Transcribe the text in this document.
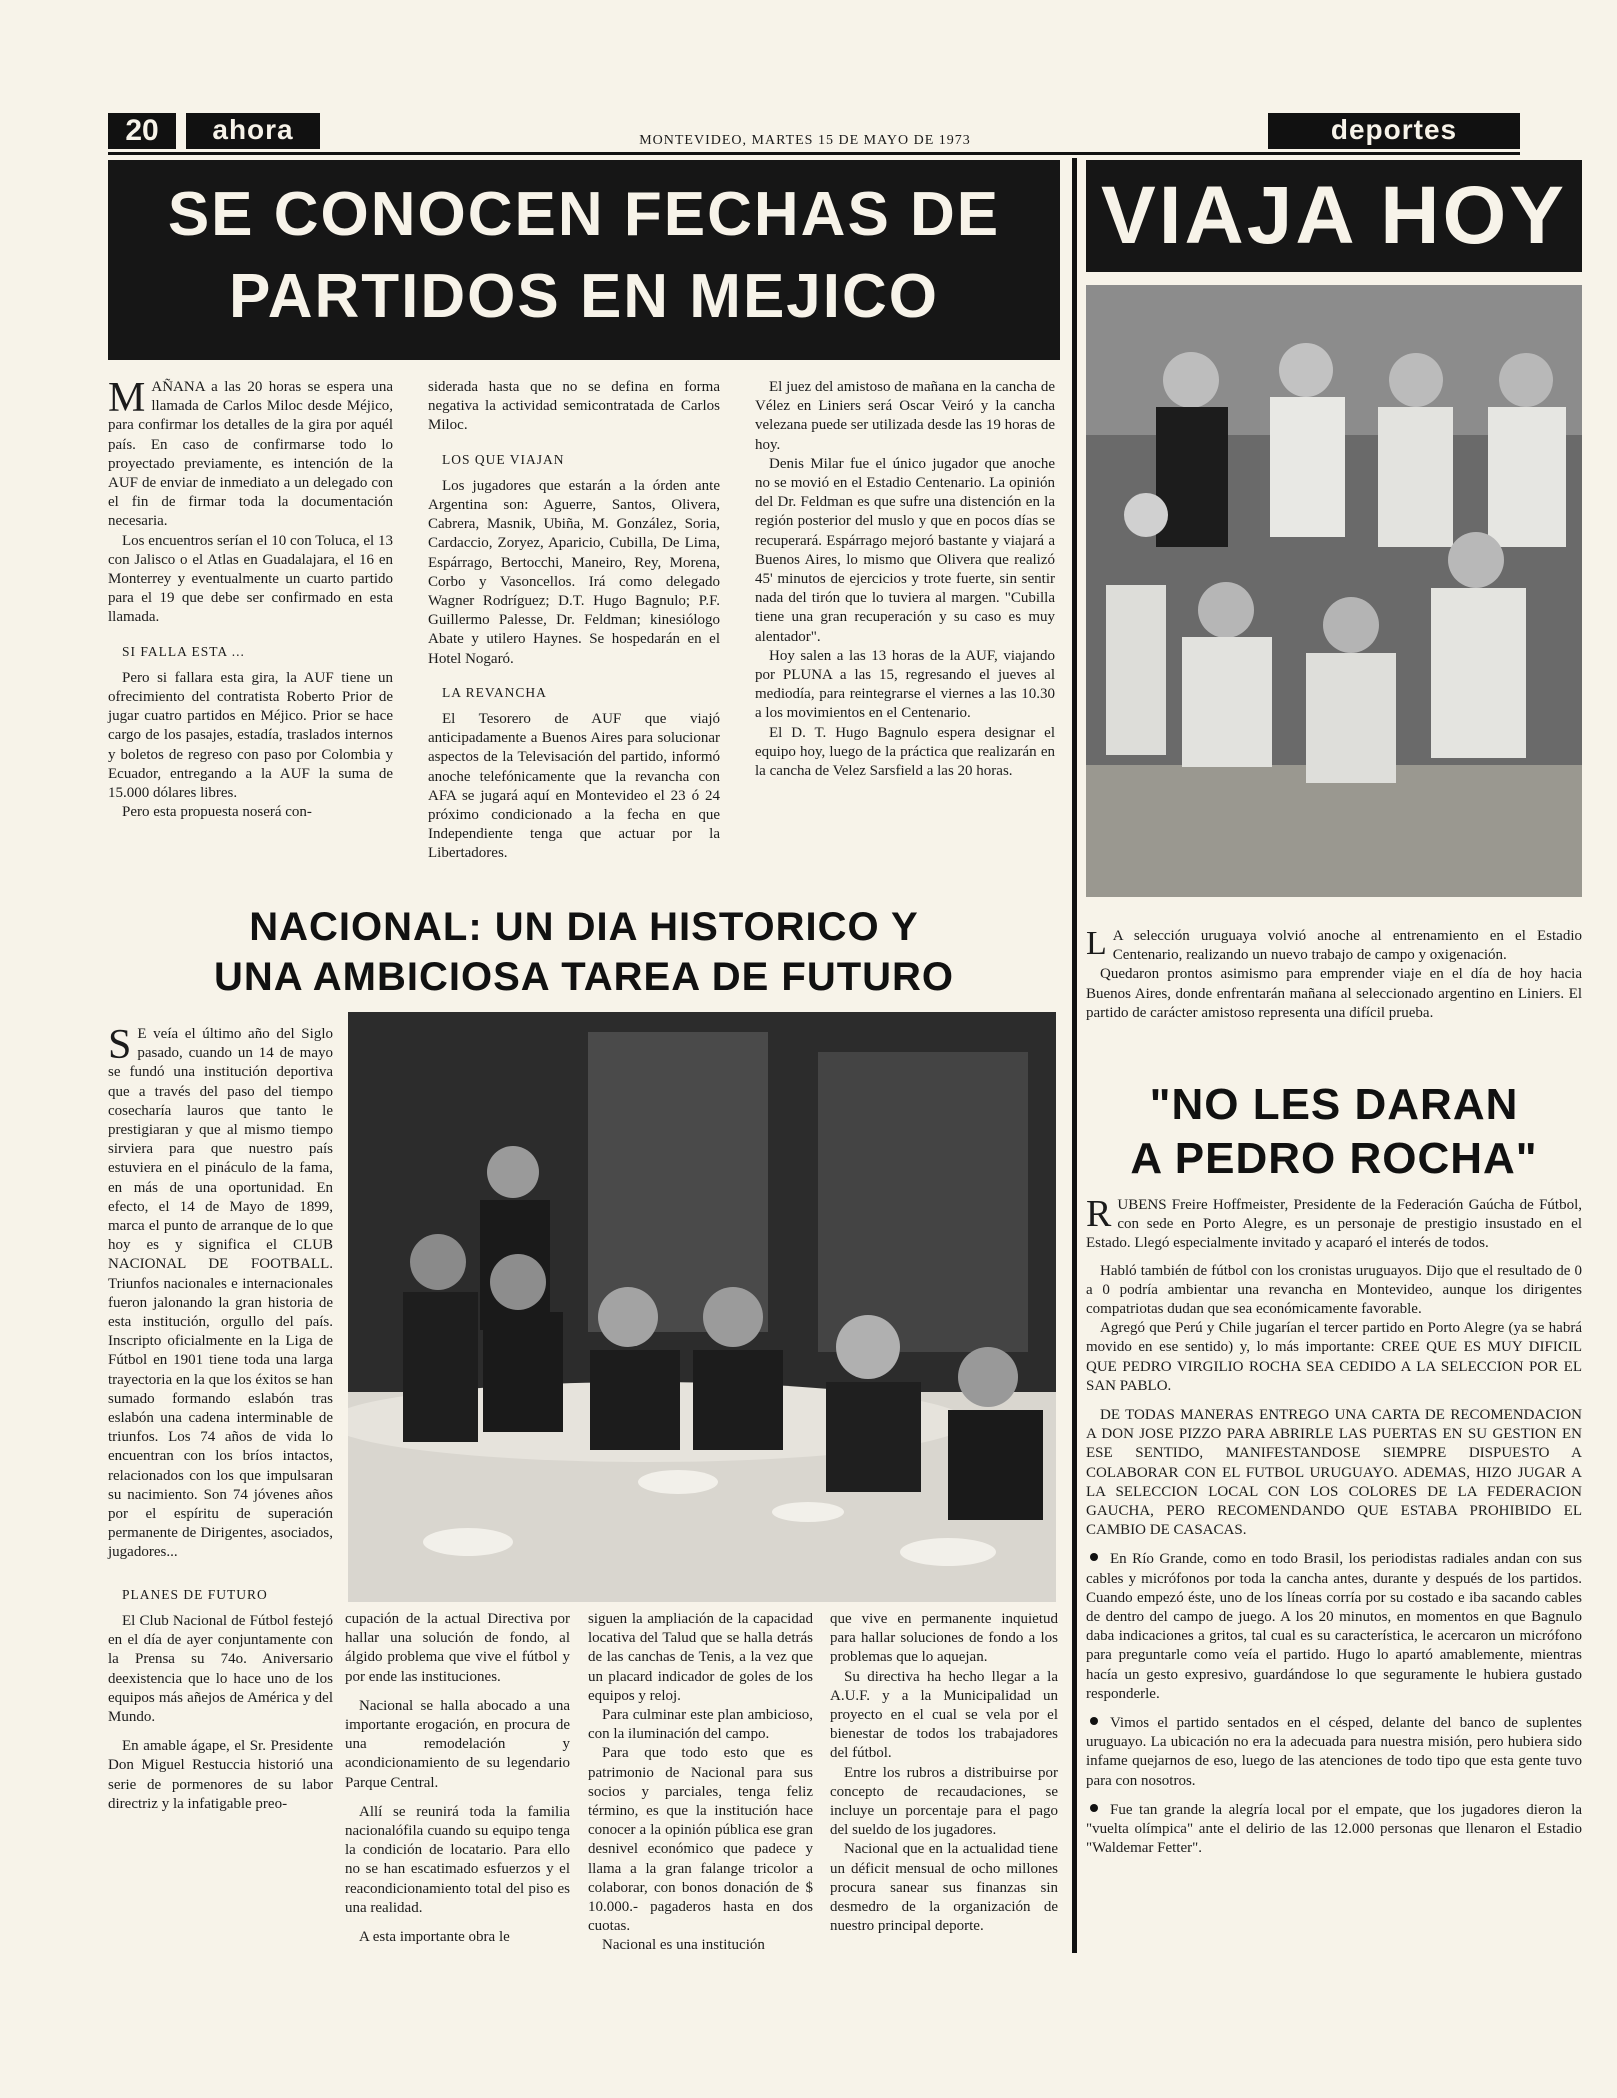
20	ahora	MONTEVIDEO, MARTES 15 DE MAYO DE 1973	deportes
SE CONOCEN FECHAS DE
PARTIDOS EN MEJICO

MAÑANA a las 20 horas se espera una llamada de Carlos Miloc desde Méjico, para confirmar los detalles de la gira por aquél país. En caso de confirmarse todo lo proyectado previamente, es intención de la AUF de enviar de inmediato a un delegado con el fin de firmar toda la documentación necesaria.

Los encuentros serían el 10 con Toluca, el 13 con Jalisco o el Atlas en Guadalajara, el 16 en Monterrey y eventualmente un cuarto partido para el 19 que debe ser confirmado en esta llamada.

SI FALLA ESTA ...

Pero si fallara esta gira, la AUF tiene un ofrecimiento del contratista Roberto Prior de jugar cuatro partidos en Méjico. Prior se hace cargo de los pasajes, estadía, traslados internos y boletos de regreso con paso por Colombia y Ecuador, entregando a la AUF la suma de 15.000 dólares libres.

Pero esta propuesta noserá con-

siderada hasta que no se defina en forma negativa la actividad semicontratada de Carlos Miloc.

LOS QUE VIAJAN

Los jugadores que estarán a la órden ante Argentina son: Aguerre, Santos, Olivera, Cabrera, Masnik, Ubiña, M. González, Soria, Cardaccio, Zoryez, Aparicio, Cubilla, De Lima, Espárrago, Bertocchi, Maneiro, Rey, Morena, Corbo y Vasoncellos. Irá como delegado Wagner Rodríguez; D.T. Hugo Bagnulo; P.F. Guillermo Palesse, Dr. Feldman; kinesiólogo Abate y utilero Haynes. Se hospedarán en el Hotel Nogaró.

LA REVANCHA

El Tesorero de AUF que viajó anticipadamente a Buenos Aires para solucionar aspectos de la Televisación del partido, informó anoche telefónicamente que la revancha con AFA se jugará aquí en Montevideo el 23 ó 24 próximo condicionado a la fecha en que Independiente tenga que actuar por la Libertadores.

El juez del amistoso de mañana en la cancha de Vélez en Liniers será Oscar Veiró y la cancha velezana puede ser utilizada desde las 19 horas de hoy.

Denis Milar fue el único jugador que anoche no se movió en el Estadio Centenario. La opinión del Dr. Feldman es que sufre una distención en la región posterior del muslo y que en pocos días se recuperará. Espárrago mejoró bastante y viajará a Buenos Aires, lo mismo que Olivera que realizó 45' minutos de ejercicios y trote fuerte, sin sentir nada del tirón que lo tuviera al margen. "Cubilla tiene una gran recuperación y su caso es muy alentador".

Hoy salen a las 13 horas de la AUF, viajando por PLUNA a las 15, regresando el jueves al mediodía, para reintegrarse el viernes a las 10.30 a los movimientos en el Centenario.

El D. T. Hugo Bagnulo espera designar el equipo hoy, luego de la práctica que realizarán en la cancha de Velez Sarsfield a las 20 horas.

NACIONAL: UN DIA HISTORICO Y
UNA AMBICIOSA TAREA DE FUTURO

S E veía el último año del Siglo pasado, cuando un 14 de mayo se fundó una institución deportiva que a través del paso del tiempo cosecharía lauros que tanto le prestigiaran y que al mismo tiempo sirviera para que nuestro país estuviera en el pináculo de la fama, en más de una oportunidad. En efecto, el 14 de Mayo de 1899, marca el punto de arranque de lo que hoy es y significa el CLUB NACIONAL DE FOOTBALL. Triunfos nacionales e internacionales fueron jalonando la gran historia de esta institución, orgullo del país. Inscripto oficialmente en la Liga de Fútbol en 1901 tiene toda una larga trayectoria en la que los éxitos se han sumado formando eslabón tras eslabón una cadena interminable de triunfos. Los 74 años de vida lo encuentran con los bríos intactos, relacionados con los que impulsaran su nacimiento. Son 74 jóvenes años por el espíritu de superación permanente de Dirigentes, asociados, jugadores...

PLANES DE FUTURO

El Club Nacional de Fútbol festejó en el día de ayer conjuntamente con la Prensa su 74o. Aniversario deexistencia que lo hace uno de los equipos más añejos de América y del Mundo.

En amable ágape, el Sr. Presidente Don Miguel Restuccia historió una serie de pormenores de su labor directriz y la infatigable preo-

cupación de la actual Directiva por hallar una solución de fondo, al álgido problema que vive el fútbol y por ende las instituciones.

Nacional se halla abocado a una importante erogación, en procura de una remodelación y acondicionamiento de su legendario Parque Central.

Allí se reunirá toda la familia nacionalófila cuando su equipo tenga la condición de locatario. Para ello no se han escatimado esfuerzos y el reacondicionamiento total del piso es una realidad.

A esta importante obra le

siguen la ampliación de la capacidad locativa del Talud que se halla detrás de las canchas de Tenis, a la vez que un placard indicador de goles de los equipos y reloj.

Para culminar este plan ambicioso, con la iluminación del campo.

Para que todo esto que es patrimonio de Nacional para sus socios y parciales, tenga feliz término, es que la institución hace conocer a la opinión pública ese gran desnivel económico que padece y llama a la gran falange tricolor a colaborar, con bonos donación de $ 10.000.- pagaderos hasta en dos cuotas.

Nacional es una institución

que vive en permanente inquietud para hallar soluciones de fondo a los problemas que lo aquejan.

Su directiva ha hecho llegar a la A.U.F. y a la Municipalidad un proyecto en el cual se vela por el bienestar de todos los trabajadores del fútbol.

Entre los rubros a distribuirse por concepto de recaudaciones, se incluye un porcentaje para el pago del sueldo de los jugadores.

Nacional que en la actualidad tiene un déficit mensual de ocho millones procura sanear sus finanzas sin desmedro de la organización de nuestro principal deporte.

VIAJA HOY

L A selección uruguaya volvió anoche al entrenamiento en el Estadio Centenario, realizando un nuevo trabajo de campo y oxigenación.

Quedaron prontos asimismo para emprender viaje en el día de hoy hacia Buenos Aires, donde enfrentarán mañana al seleccionado argentino en Liniers. El partido de carácter amistoso representa una difícil prueba.

"NO LES DARAN
A PEDRO ROCHA"

RUBENS Freire Hoffmeister, Presidente de la Federación Gaúcha de Fútbol, con sede en Porto Alegre, es un personaje de prestigio insustado en el Estado. Llegó especialmente invitado y acaparó el interés de todos.

Habló también de fútbol con los cronistas uruguayos. Dijo que el resultado de 0 a 0 podría ambientar una revancha en Montevideo, aunque los dirigentes compatriotas dudan que sea económicamente favorable.

Agregó que Perú y Chile jugarían el tercer partido en Porto Alegre (ya se habrá movido en ese sentido) y, lo más importante: CREE QUE ES MUY DIFICIL QUE PEDRO VIRGILIO ROCHA SEA CEDIDO A LA SELECCION POR EL SAN PABLO.

DE TODAS MANERAS ENTREGO UNA CARTA DE RECOMENDACION A DON JOSE PIZZO PARA ABRIRLE LAS PUERTAS EN SU GESTION EN ESE SENTIDO, MANIFESTANDOSE SIEMPRE DISPUESTO A COLABORAR CON EL FUTBOL URUGUAYO. ADEMAS, HIZO JUGAR A LA SELECCION LOCAL CON LOS COLORES DE LA FEDERACION GAUCHA, PERO RECOMENDANDO QUE ESTABA PROHIBIDO EL CAMBIO DE CASACAS.

En Río Grande, como en todo Brasil, los periodistas radiales andan con sus cables y micrófonos por toda la cancha antes, durante y después de los partidos. Cuando empezó éste, uno de los líneas corría por su costado e iba sacando cables de dentro del campo de juego. A los 20 minutos, en momentos en que Bagnulo daba indicaciones a gritos, tal cual es su característica, le acercaron un micrófono para preguntarle como veía el partido. Hugo lo apartó amablemente, mientras hacía un gesto expresivo, guardándose lo que seguramente le hubiera gustado responderle.

Vimos el partido sentados en el césped, delante del banco de suplentes uruguayo. La ubicación no era la adecuada para nuestra misión, pero hubiera sido infame quejarnos de eso, luego de las atenciones de todo tipo que esta gente tuvo para con nosotros.

Fue tan grande la alegría local por el empate, que los jugadores dieron la "vuelta olímpica" ante el delirio de las 12.000 personas que llenaron el Estadio "Waldemar Fetter".
